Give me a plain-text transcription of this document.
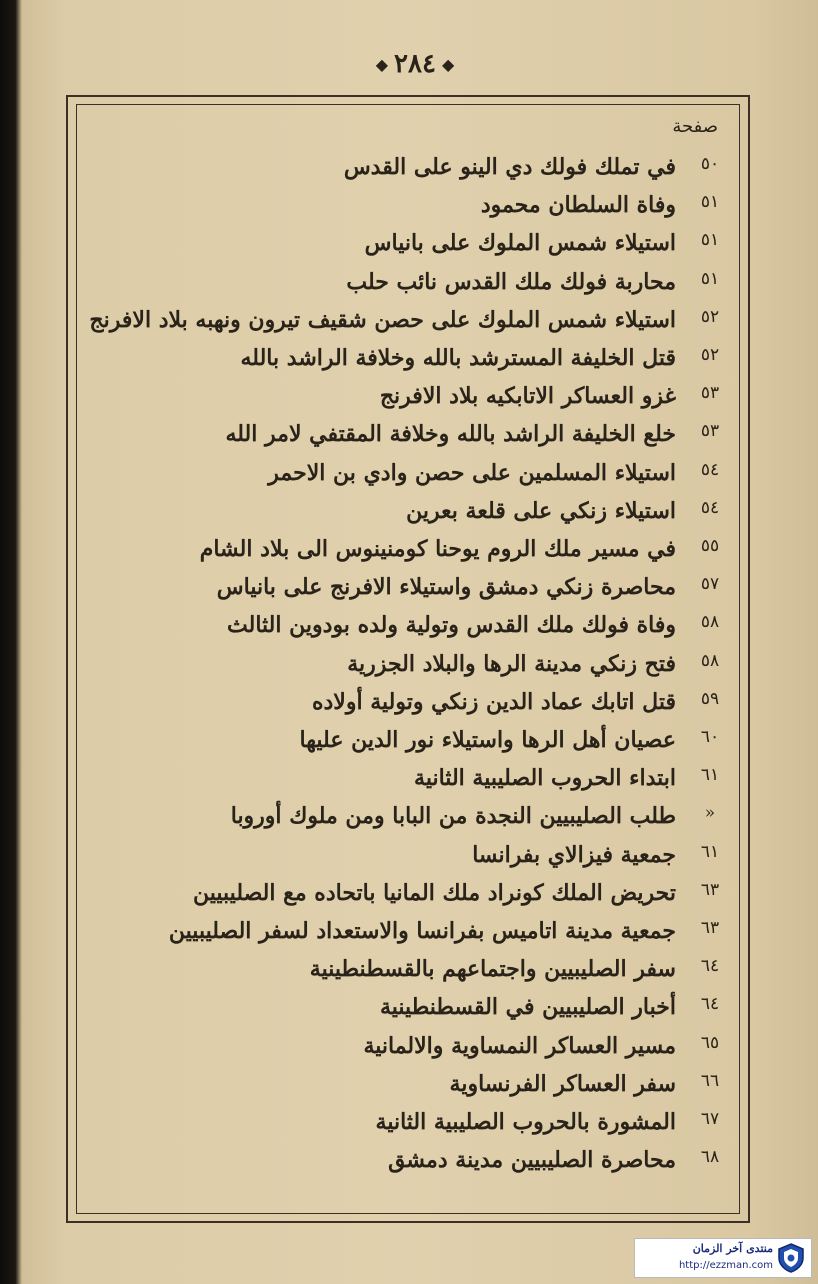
◆ ٢٨٤ ◆
صفحة
٥٠
في تملك فولك دي الينو على القدس
٥١
وفاة السلطان محمود
٥١
استيلاء شمس الملوك على بانياس
٥١
محاربة فولك ملك القدس نائب حلب
٥٢
استيلاء شمس الملوك على حصن شقيف تيرون ونهبه بلاد الافرنج
٥٢
قتل الخليفة المسترشد بالله وخلافة الراشد بالله
٥٣
غزو العساكر الاتابكيه بلاد الافرنج
٥٣
خلع الخليفة الراشد بالله وخلافة المقتفي لامر الله
٥٤
استيلاء المسلمين على حصن وادي بن الاحمر
٥٤
استيلاء زنكي على قلعة بعرين
٥٥
في مسير ملك الروم يوحنا كومنينوس الى بلاد الشام
٥٧
محاصرة زنكي دمشق واستيلاء الافرنج على بانياس
٥٨
وفاة فولك ملك القدس وتولية ولده بودوين الثالث
٥٨
فتح زنكي مدينة الرها والبلاد الجزرية
٥٩
قتل اتابك عماد الدين زنكي وتولية أولاده
٦٠
عصيان أهل الرها واستيلاء نور الدين عليها
٦١
ابتداء الحروب الصليبية الثانية
«
طلب الصليبيين النجدة من البابا ومن ملوك أوروبا
٦١
جمعية فيزالاي بفرانسا
٦٣
تحريض الملك كونراد ملك المانيا باتحاده مع الصليبيين
٦٣
جمعية مدينة اتاميس بفرانسا والاستعداد لسفر الصليبيين
٦٤
سفر الصليبيين واجتماعهم بالقسطنطينية
٦٤
أخبار الصليبيين في القسطنطينية
٦٥
مسير العساكر النمساوية والالمانية
٦٦
سفر العساكر الفرنساوية
٦٧
المشورة بالحروب الصليبية الثانية
٦٨
محاصرة الصليبيين مدينة دمشق
منتدى آخر الزمان
http://ezzman.com
